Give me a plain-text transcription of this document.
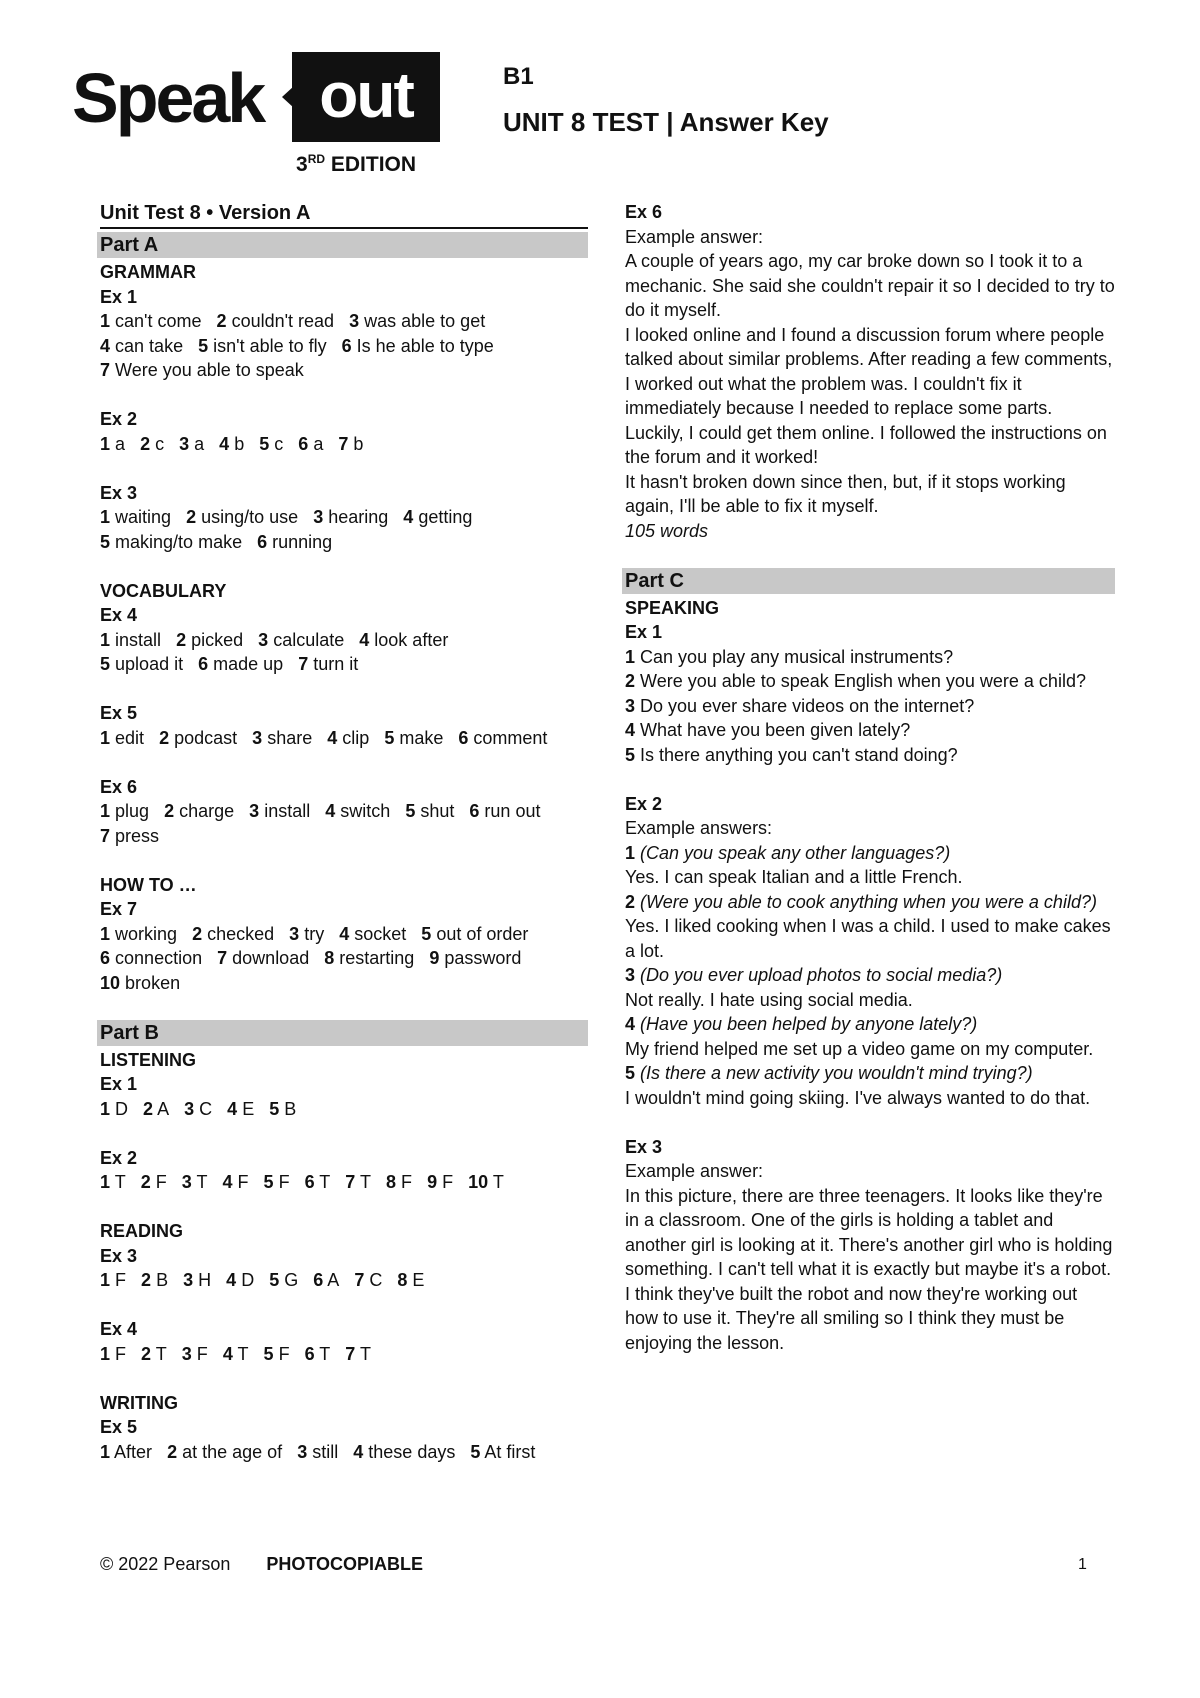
Speak out
3RD EDITION
B1
UNIT 8 TEST | Answer Key
Unit Test 8 • Version A
Part A
GRAMMAR
Ex 1
1 can't come 2 couldn't read 3 was able to get
4 can take 5 isn't able to fly 6 Is he able to type
7 Were you able to speak
Ex 2
1 a 2 c 3 a 4 b 5 c 6 a 7 b
Ex 3
1 waiting 2 using/to use 3 hearing 4 getting
5 making/to make 6 running
VOCABULARY
Ex 4
1 install 2 picked 3 calculate 4 look after
5 upload it 6 made up 7 turn it
Ex 5
1 edit 2 podcast 3 share 4 clip 5 make 6 comment
Ex 6
1 plug 2 charge 3 install 4 switch 5 shut 6 run out
7 press
HOW TO …
Ex 7
1 working 2 checked 3 try 4 socket 5 out of order
6 connection 7 download 8 restarting 9 password
10 broken
Part B
LISTENING
Ex 1
1 D 2 A 3 C 4 E 5 B
Ex 2
1 T 2 F 3 T 4 F 5 F 6 T 7 T 8 F 9 F 10 T
READING
Ex 3
1 F 2 B 3 H 4 D 5 G 6 A 7 C 8 E
Ex 4
1 F 2 T 3 F 4 T 5 F 6 T 7 T
WRITING
Ex 5
1 After 2 at the age of 3 still 4 these days 5 At first
Ex 6
Example answer:
A couple of years ago, my car broke down so I took it to a mechanic. She said she couldn't repair it so I decided to try to do it myself.
I looked online and I found a discussion forum where people talked about similar problems. After reading a few comments, I worked out what the problem was. I couldn't fix it immediately because I needed to replace some parts. Luckily, I could get them online. I followed the instructions on the forum and it worked!
It hasn't broken down since then, but, if it stops working again, I'll be able to fix it myself.
105 words
Part C
SPEAKING
Ex 1
1 Can you play any musical instruments?
2 Were you able to speak English when you were a child?
3 Do you ever share videos on the internet?
4 What have you been given lately?
5 Is there anything you can't stand doing?
Ex 2
Example answers:
1 (Can you speak any other languages?)
Yes. I can speak Italian and a little French.
2 (Were you able to cook anything when you were a child?)
Yes. I liked cooking when I was a child. I used to make cakes a lot.
3 (Do you ever upload photos to social media?)
Not really. I hate using social media.
4 (Have you been helped by anyone lately?)
My friend helped me set up a video game on my computer.
5 (Is there a new activity you wouldn't mind trying?)
I wouldn't mind going skiing. I've always wanted to do that.
Ex 3
Example answer:
In this picture, there are three teenagers. It looks like they're in a classroom. One of the girls is holding a tablet and another girl is looking at it. There's another girl who is holding something. I can't tell what it is exactly but maybe it's a robot. I think they've built the robot and now they're working out how to use it. They're all smiling so I think they must be enjoying the lesson.
© 2022 Pearson PHOTOCOPIABLE	1
